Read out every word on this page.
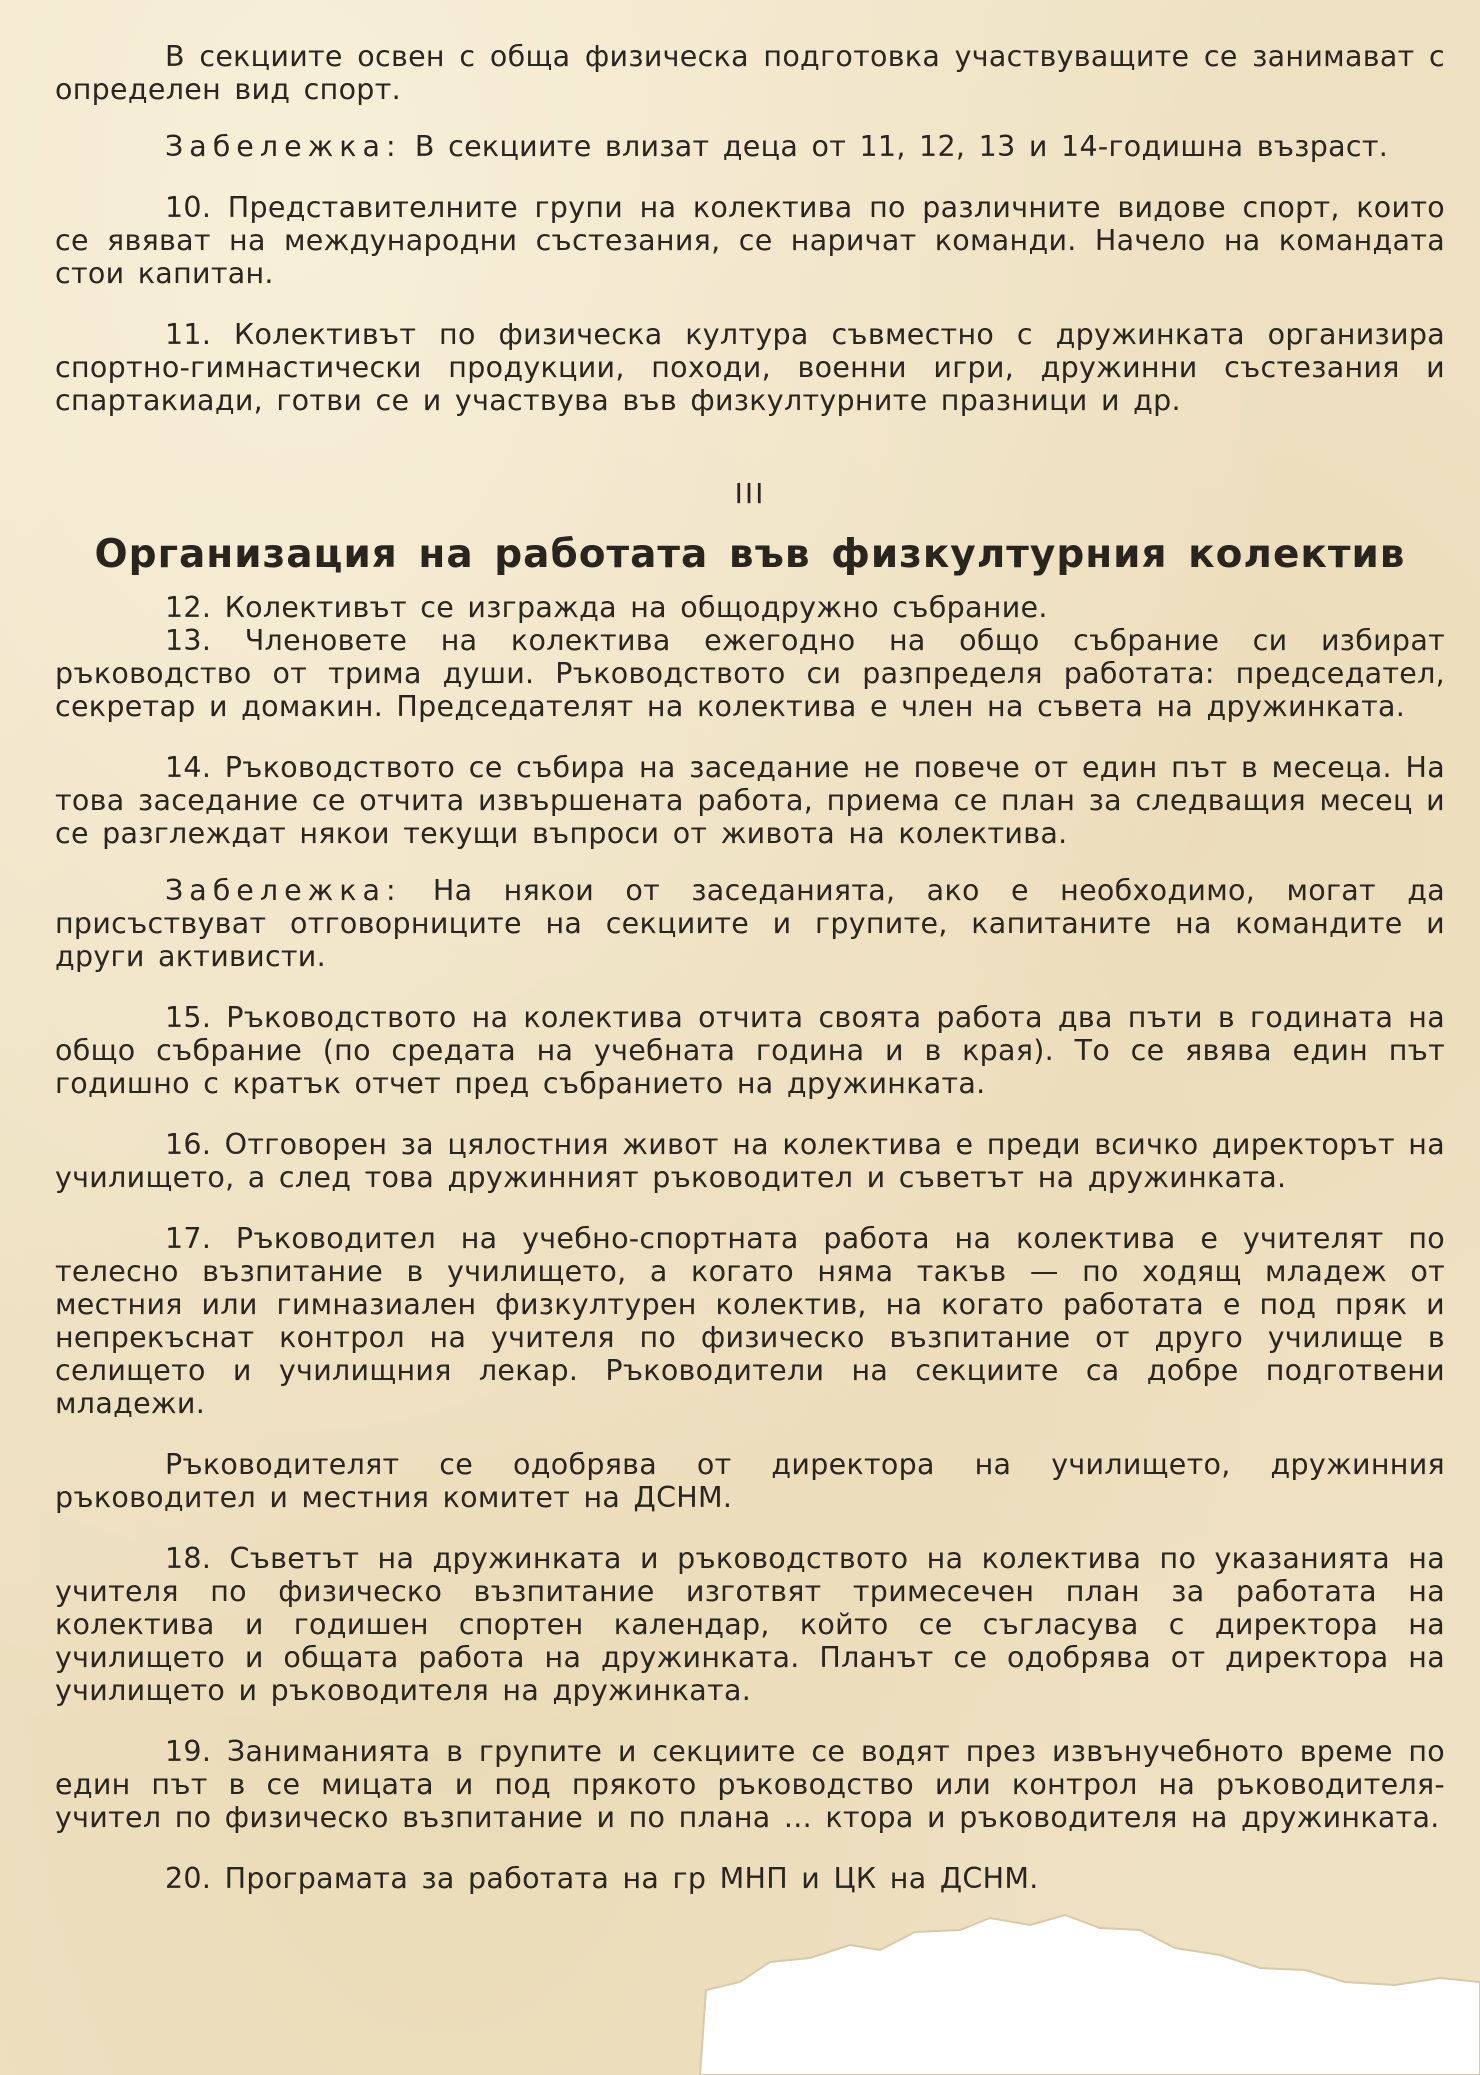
В секциите освен с обща физическа подготовка участвуващите се занимават с определен вид спорт.

Забележка: В секциите влизат деца от 11, 12, 13 и 14-годишна възраст.

10. Представителните групи на колектива по различните видове спорт, които се явяват на международни състезания, се наричат команди. Начело на командата стои капитан.

11. Колективът по физическа култура съвместно с дружинката организира спортно-гимнастически продукции, походи, военни игри, дружинни състезания и спартакиади, готви се и участвува във физкултурните празници и др.

III
Организация на работата във физкултурния колектив

12. Колективът се изгражда на общодружно събрание.

13. Членовете на колектива ежегодно на общо събрание си избират ръководство от трима души. Ръководството си разпределя работата: председател, секретар и домакин. Председателят на колектива е член на съвета на дружинката.

14. Ръководството се събира на заседание не повече от един път в месеца. На това заседание се отчита извършената работа, приема се план за следващия месец и се разглеждат някои текущи въпроси от живота на колектива.

Забележка: На някои от заседанията, ако е необходимо, могат да присъствуват отговорниците на секциите и групите, капитаните на командите и други активисти.

15. Ръководството на колектива отчита своята работа два пъти в годината на общо събрание (по средата на учебната година и в края). То се явява един път годишно с кратък отчет пред събранието на дружинката.

16. Отговорен за цялостния живот на колектива е преди всичко директорът на училището, а след това дружинният ръководител и съветът на дружинката.

17. Ръководител на учебно-спортната работа на колектива е учителят по телесно възпитание в училището, а когато няма такъв — по ходящ младеж от местния или гимназиален физкултурен колектив, на когато работата е под пряк и непрекъснат контрол на учителя по физическо възпитание от друго училище в селището и училищния лекар. Ръководители на секциите са добре подготвени младежи.

Ръководителят се одобрява от директора на училището, дружинния ръководител и местния комитет на ДСНМ.

18. Съветът на дружинката и ръководството на колектива по указанията на учителя по физическо възпитание изготвят тримесечен план за работата на колектива и годишен спортен календар, който се съгласува с директора на училището и общата работа на дружинката. Планът се одобрява от директора на училището и ръководителя на дружинката.

19. Заниманията в групите и секциите се водят през извънучебното време по един път в се мицата и под прякото ръководство или контрол на ръководителя-учител по физическо възпитание и по плана ... ктора и ръководителя на дружинката.

20. Програмата за работата на гр МНП и ЦК на ДСНМ.
